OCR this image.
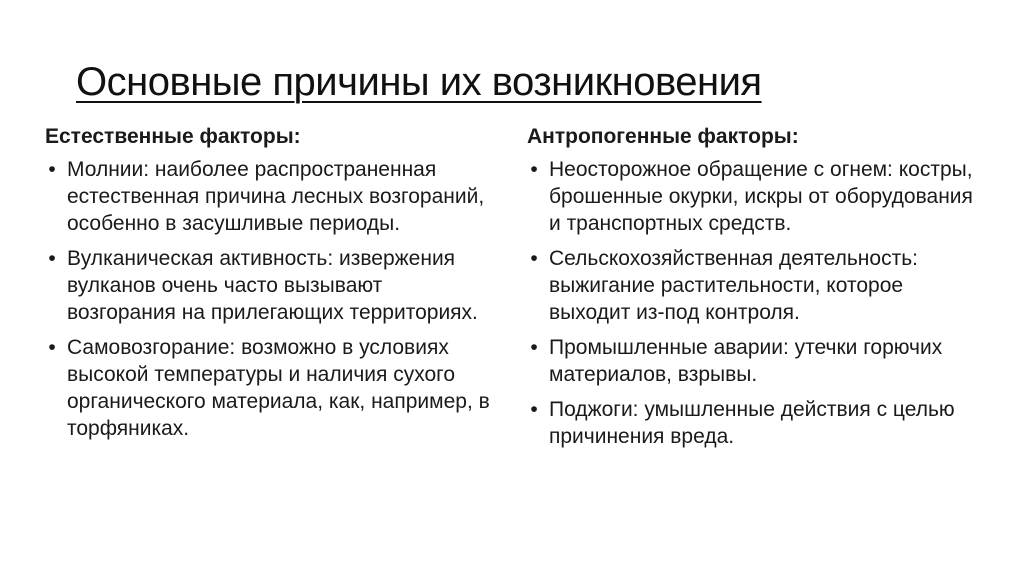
Основные причины их возникновения
Естественные факторы:
• Молнии: наиболее распространенная естественная причина лесных возгораний, особенно в засушливые периоды.
• Вулканическая активность: извержения вулканов очень часто вызывают возгорания на прилегающих территориях.
• Самовозгорание: возможно в условиях высокой температуры и наличия сухого органического материала, как, например, в торфяниках.
Антропогенные факторы:
• Неосторожное обращение с огнем: костры, брошенные окурки, искры от оборудования и транспортных средств.
• Сельскохозяйственная деятельность: выжигание растительности, которое выходит из-под контроля.
• Промышленные аварии: утечки горючих материалов, взрывы.
• Поджоги: умышленные действия с целью причинения вреда.
